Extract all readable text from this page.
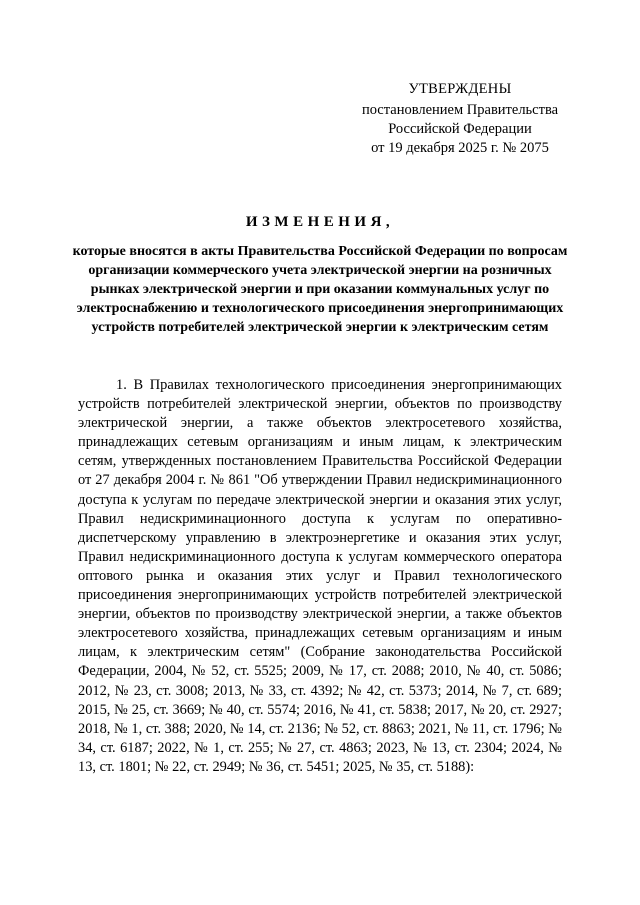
УТВЕРЖДЕНЫ
постановлением Правительства
Российской Федерации
от 19 декабря 2025 г. № 2075
ИЗМЕНЕНИЯ,
которые вносятся в акты Правительства Российской Федерации по вопросам организации коммерческого учета электрической энергии на розничных рынках электрической энергии и при оказании коммунальных услуг по электроснабжению и технологического присоединения энергопринимающих устройств потребителей электрической энергии к электрическим сетям

1. В Правилах технологического присоединения энергопринимающих устройств потребителей электрической энергии, объектов по производству электрической энергии, а также объектов электросетевого хозяйства, принадлежащих сетевым организациям и иным лицам, к электрическим сетям, утвержденных постановлением Правительства Российской Федерации от 27 декабря 2004 г. № 861 "Об утверждении Правил недискриминационного доступа к услугам по передаче электрической энергии и оказания этих услуг, Правил недискриминационного доступа к услугам по оперативно-диспетчерскому управлению в электроэнергетике и оказания этих услуг, Правил недискриминационного доступа к услугам коммерческого оператора оптового рынка и оказания этих услуг и Правил технологического присоединения энергопринимающих устройств потребителей электрической энергии, объектов по производству электрической энергии, а также объектов электросетевого хозяйства, принадлежащих сетевым организациям и иным лицам, к электрическим сетям" (Собрание законодательства Российской Федерации, 2004, № 52, ст. 5525; 2009, № 17, ст. 2088; 2010, № 40, ст. 5086; 2012, № 23, ст. 3008; 2013, № 33, ст. 4392; № 42, ст. 5373; 2014, № 7, ст. 689; 2015, № 25, ст. 3669; № 40, ст. 5574; 2016, № 41, ст. 5838; 2017, № 20, ст. 2927; 2018, № 1, ст. 388; 2020, № 14, ст. 2136; № 52, ст. 8863; 2021, № 11, ст. 1796; № 34, ст. 6187; 2022, № 1, ст. 255; № 27, ст. 4863; 2023, № 13, ст. 2304; 2024, № 13, ст. 1801; № 22, ст. 2949; № 36, ст. 5451; 2025, № 35, ст. 5188):
